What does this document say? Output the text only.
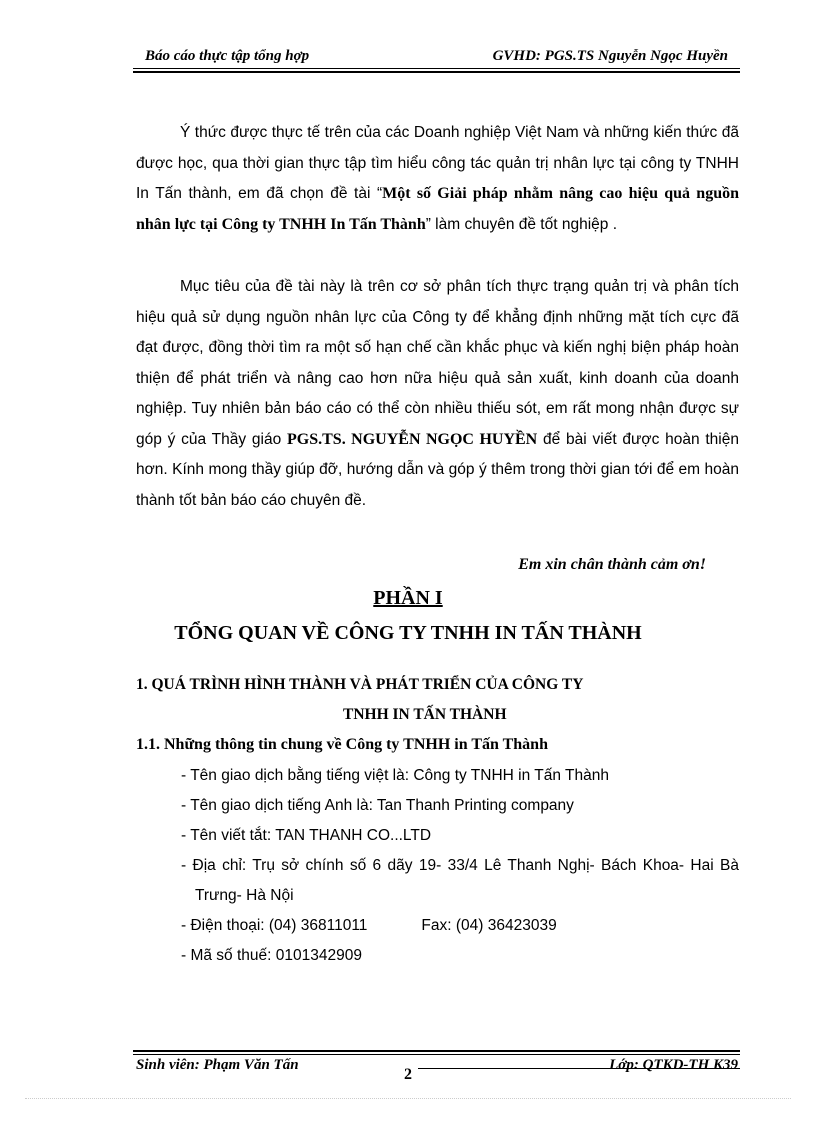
Báo cáo thực tập tổng hợp	GVHD: PGS.TS Nguyễn Ngọc Huyền
Ý thức được thực tế trên của các Doanh nghiệp Việt Nam và những kiến thức đã được học, qua thời gian thực tập tìm hiểu công tác quản trị nhân lực tại công ty TNHH In Tấn thành, em đã chọn đề tài “Một số Giải pháp nhằm nâng cao hiệu quả nguồn nhân lực tại Công ty TNHH In Tấn Thành” làm chuyên đề tốt nghiệp .
Mục tiêu của đề tài này là trên cơ sở phân tích thực trạng quản trị và phân tích hiệu quả sử dụng nguồn nhân lực của Công ty để khẳng định những mặt tích cực đã đạt được, đồng thời tìm ra một số hạn chế cần khắc phục và kiến nghị biện pháp hoàn thiện để phát triển và nâng cao hơn nữa hiệu quả sản xuất, kinh doanh của doanh nghiệp. Tuy nhiên bản báo cáo có thể còn nhiều thiếu sót, em rất mong nhận được sự góp ý của Thầy giáo PGS.TS. NGUYỄN NGỌC HUYỀN để bài viết được hoàn thiện hơn. Kính mong thầy giúp đỡ, hướng dẫn và góp ý thêm trong thời gian tới để em hoàn thành tốt bản báo cáo chuyên đề.
Em xin chân thành cảm ơn!
PHẦN I
TỔNG QUAN VỀ CÔNG TY TNHH IN TẤN THÀNH
1. QUÁ TRÌNH HÌNH THÀNH VÀ PHÁT TRIỂN CỦA CÔNG TY
TNHH IN TẤN THÀNH
1.1. Những thông tin chung về Công ty TNHH in Tấn Thành
- Tên giao dịch bằng tiếng việt là: Công ty TNHH in Tấn Thành
- Tên giao dịch tiếng Anh là: Tan Thanh Printing company
- Tên viết tắt: TAN THANH CO...LTD
- Địa chỉ: Trụ sở chính số 6 dãy 19- 33/4 Lê Thanh Nghị- Bách Khoa- Hai Bà Trưng- Hà Nội
- Điện thoại: (04) 36811011	Fax: (04) 36423039
- Mã số thuế: 0101342909
Sinh viên: Phạm Văn Tấn	Lớp: QTKD-TH K39
2
